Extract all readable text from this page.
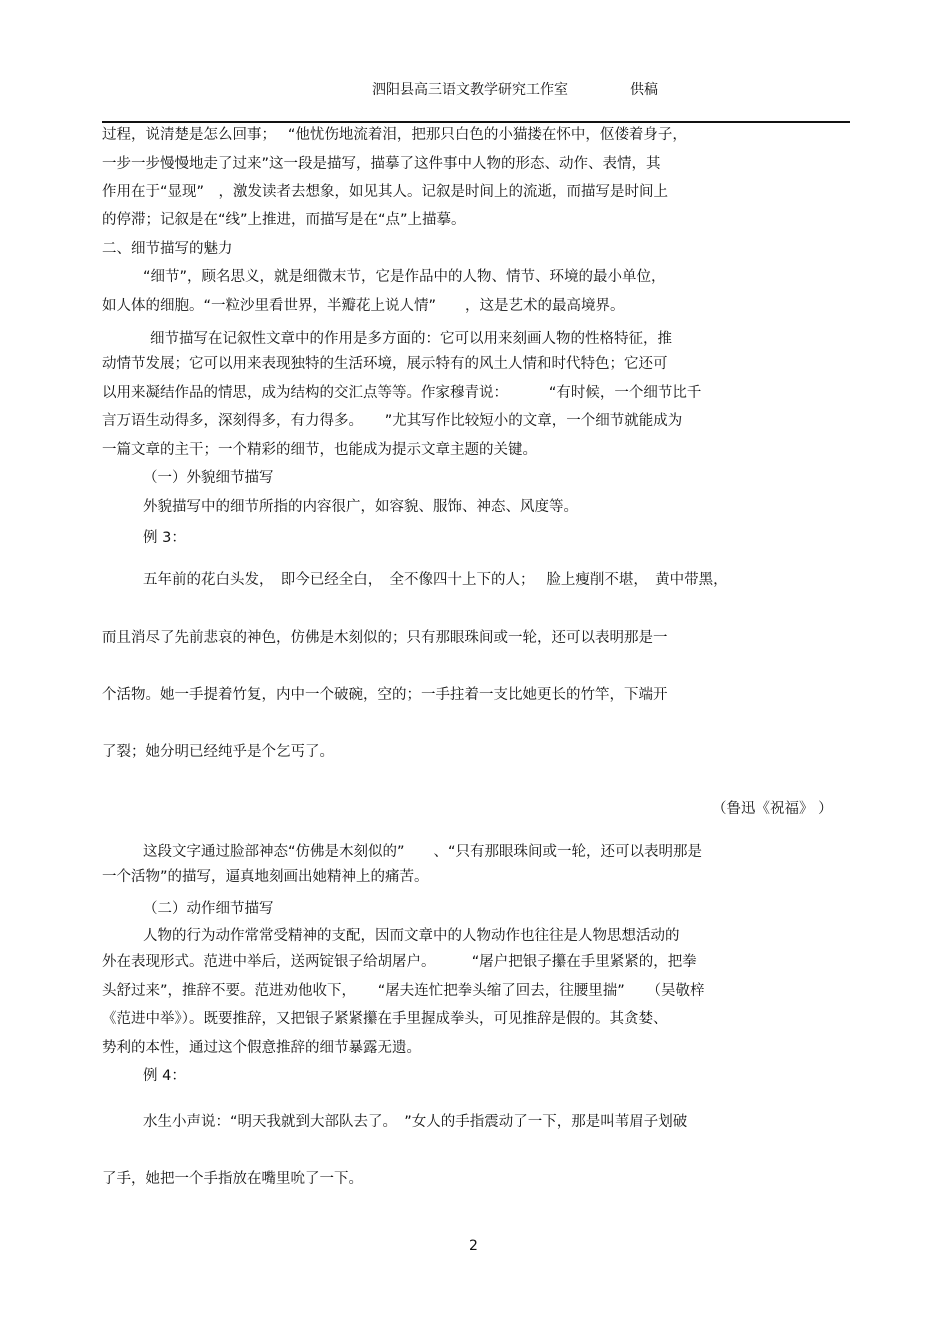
泗阳县高三语文教学研究工作室	供稿
过程，说清楚是怎么回事；　 “他忧伤地流着泪，把那只白色的小猫搂在怀中，伛偻着身子，
一步一步慢慢地走了过来”这一段是描写，描摹了这件事中人物的形态、动作、表情，其
作用在于“显现”　，激发读者去想象，如见其人。记叙是时间上的流逝，而描写是时间上
的停滞；记叙是在“线”上推进，而描写是在“点”上描摹。
二、细节描写的魅力
“细节”，顾名思义，就是细微末节，它是作品中的人物、情节、环境的最小单位，
如人体的细胞。“一粒沙里看世界，半瓣花上说人情”　　，这是艺术的最高境界。
细节描写在记叙性文章中的作用是多方面的：它可以用来刻画人物的性格特征，推
动情节发展；它可以用来表现独特的生活环境，展示特有的风土人情和时代特色；它还可
以用来凝结作品的情思，成为结构的交汇点等等。作家穆青说：　　　 “有时候，一个细节比千
言万语生动得多，深刻得多，有力得多。　　”尤其写作比较短小的文章，一个细节就能成为
一篇文章的主干；一个精彩的细节，也能成为提示文章主题的关键。
（一）外貌细节描写
外貌描写中的细节所指的内容很广，如容貌、服饰、神态、风度等。
例 3：
五年前的花白头发，　即今已经全白，　全不像四十上下的人；　 脸上瘦削不堪，　黄中带黑，
而且消尽了先前悲哀的神色，仿佛是木刻似的；只有那眼珠间或一轮，还可以表明那是一
个活物。她一手提着竹复，内中一个破碗，空的；一手拄着一支比她更长的竹竿，下端开
了裂；她分明已经纯乎是个乞丐了。
（鲁迅《祝福》 ）
这段文字通过脸部神态“仿佛是木刻似的”　　、“只有那眼珠间或一轮，还可以表明那是
一个活物”的描写，逼真地刻画出她精神上的痛苦。
（二）动作细节描写
人物的行为动作常常受精神的支配，因而文章中的人物动作也往往是人物思想活动的
外在表现形式。范进中举后，送两锭银子给胡屠户。　　　“屠户把银子攥在手里紧紧的，把拳
头舒过来”，推辞不要。范进劝他收下，　　“屠夫连忙把拳头缩了回去，往腰里揣”　　（吴敬梓
《范进中举》）。既要推辞，又把银子紧紧攥在手里握成拳头，可见推辞是假的。其贪婪、
势利的本性，通过这个假意推辞的细节暴露无遗。
例 4：
水生小声说：“明天我就到大部队去了。　”女人的手指震动了一下，那是叫苇眉子划破
了手，她把一个手指放在嘴里吮了一下。
2
